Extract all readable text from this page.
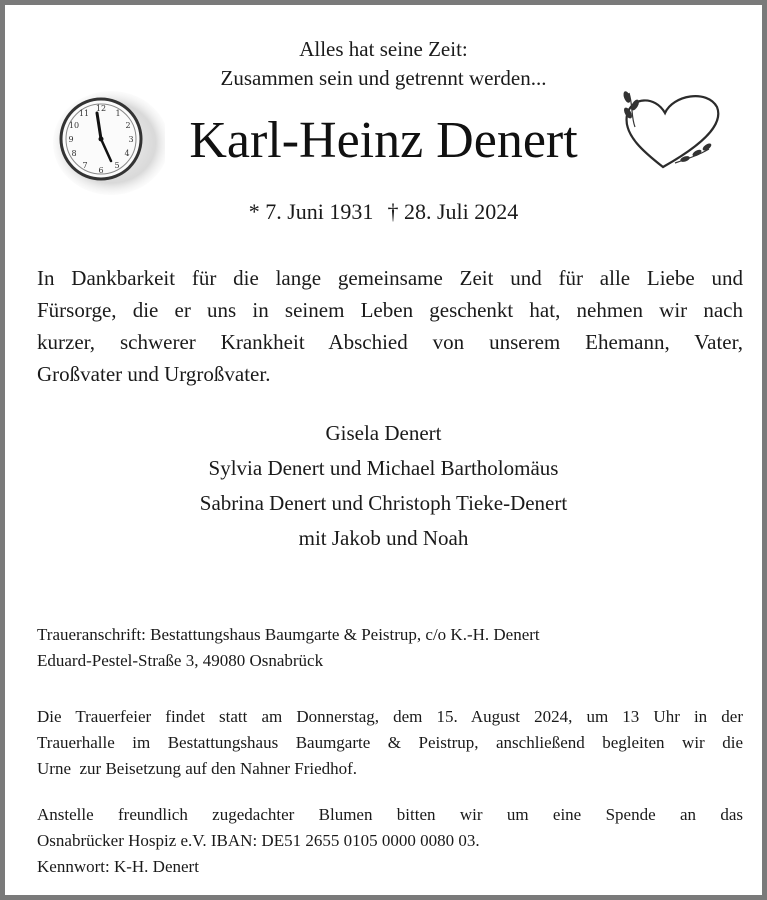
12
1
2
3
4
5
6
7
8
9
10
11
Alles hat seine Zeit:
Zusammen sein und getrennt werden...
Karl-Heinz Denert
* 7. Juni 1931 † 28. Juli 2024

In Dankbarkeit für die lange gemeinsame Zeit und für alle Liebe und

Fürsorge, die er uns in seinem Leben geschenkt hat, nehmen wir nach

kurzer, schwerer Krankheit Abschied von unserem Ehemann, Vater,

Großvater und Urgroßvater.

Gisela Denert
Sylvia Denert und Michael Bartholomäus
Sabrina Denert und Christoph Tieke-Denert
mit Jakob und Noah
Traueranschrift: Bestattungshaus Baumgarte & Peistrup, c/o K.-H. Denert
Eduard-Pestel-Straße 3, 49080 Osnabrück
Die Trauerfeier findet statt am Donnerstag, dem 15. August 2024, um 13 Uhr in der
Trauerhalle im Bestattungshaus Baumgarte & Peistrup, anschließend begleiten wir die
Urne  zur Beisetzung auf den Nahner Friedhof.
Anstelle freundlich zugedachter Blumen bitten wir um eine Spende an das
Osnabrücker Hospiz e.V. IBAN: DE51 2655 0105 0000 0080 03.
Kennwort: K-H. Denert
